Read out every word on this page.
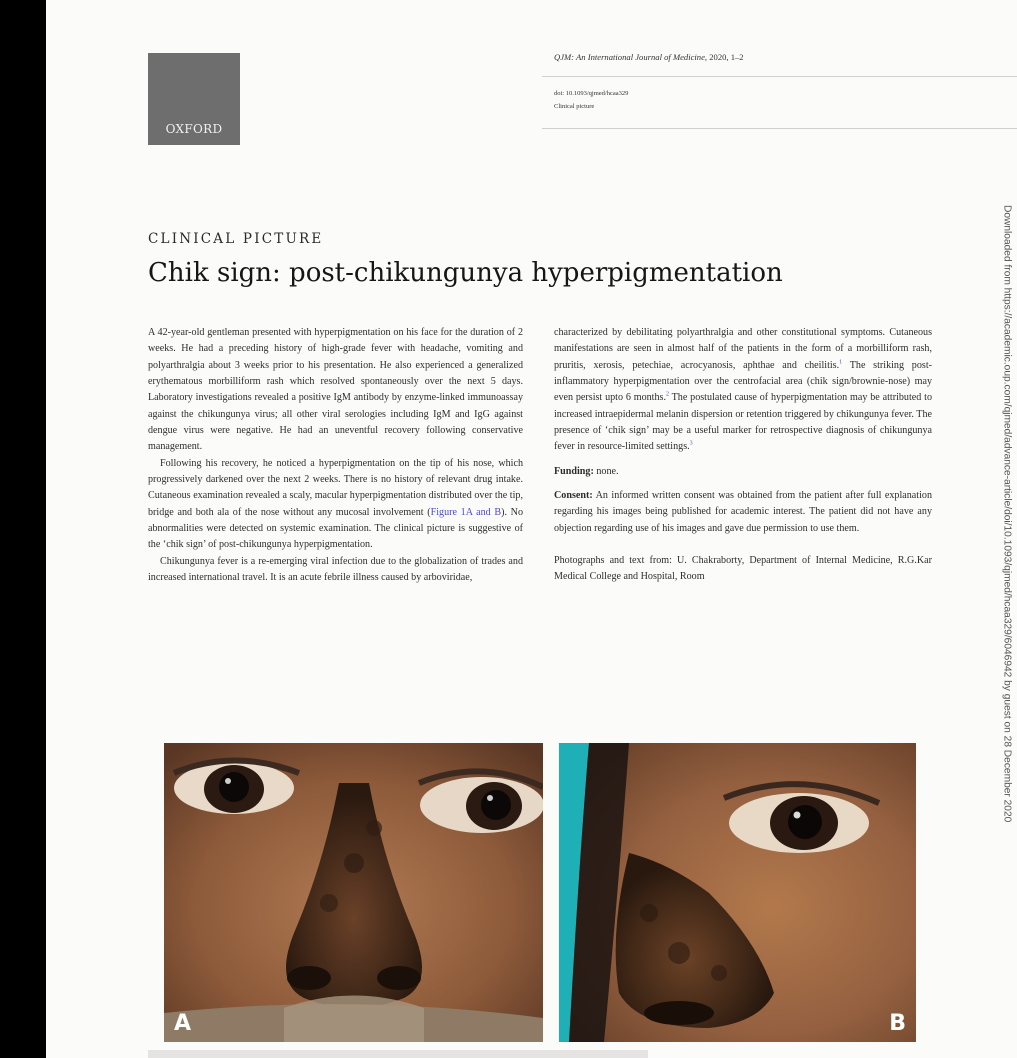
OXFORD
QJM: An International Journal of Medicine, 2020, 1–2
doi: 10.1093/qjmed/hcaa329
Clinical picture
CLINICAL PICTURE
Chik sign: post-chikungunya hyperpigmentation

A 42-year-old gentleman presented with hyperpigmentation on his face for the duration of 2 weeks. He had a preceding history of high-grade fever with headache, vomiting and polyarthralgia about 3 weeks prior to his presentation. He also experienced a generalized erythematous morbilliform rash which resolved spontaneously over the next 5 days. Laboratory investigations revealed a positive IgM antibody by enzyme-linked immunoassay against the chikungunya virus; all other viral serologies including IgM and IgG against dengue virus were negative. He had an uneventful recovery following conservative management.

Following his recovery, he noticed a hyperpigmentation on the tip of his nose, which progressively darkened over the next 2 weeks. There is no history of relevant drug intake. Cutaneous examination revealed a scaly, macular hyperpigmentation distributed over the tip, bridge and both ala of the nose without any mucosal involvement (Figure 1A and B). No abnormalities were detected on systemic examination. The clinical picture is suggestive of the ‘chik sign’ of post-chikungunya hyperpigmentation.

Chikungunya fever is a re-emerging viral infection due to the globalization of trades and increased international travel. It is an acute febrile illness caused by arboviridae,

characterized by debilitating polyarthralgia and other constitutional symptoms. Cutaneous manifestations are seen in almost half of the patients in the form of a morbilliform rash, pruritis, xerosis, petechiae, acrocyanosis, aphthae and cheilitis.$^1$ The striking post-inflammatory hyperpigmentation over the centrofacial area (chik sign/brownie-nose) may even persist upto 6 months.$^2$ The postulated cause of hyperpigmentation may be attributed to increased intraepidermal melanin dispersion or retention triggered by chikungunya fever. The presence of ‘chik sign’ may be a useful marker for retrospective diagnosis of chikungunya fever in resource-limited settings.$^3$

Funding: none.

Consent: An informed written consent was obtained from the patient after full explanation regarding his images being published for academic interest. The patient did not have any objection regarding use of his images and gave due permission to use them.

Photographs and text from: U. Chakraborty, Department of Internal Medicine, R.G.Kar Medical College and Hospital, Room

A	B
Downloaded from https://academic.oup.com/qjmed/advance-article/doi/10.1093/qjmed/hcaa329/6046942 by guest on 28 December 2020
